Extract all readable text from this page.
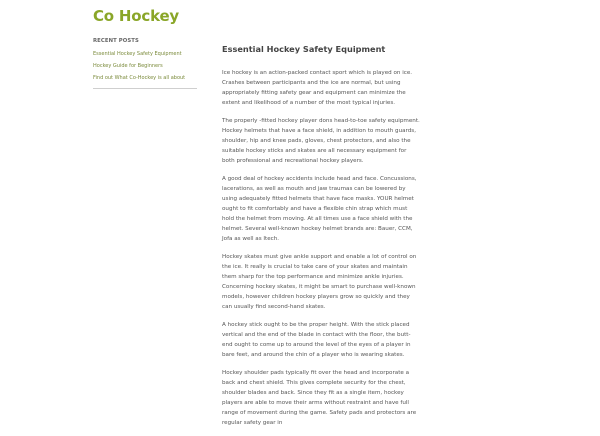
Co Hockey
RECENT POSTS
Essential Hockey Safety Equipment
Hockey Guide for Beginners
Find out What Co-Hockey is all about
Essential Hockey Safety Equipment

Ice hockey is an action-packed contact sport which is played on ice. Crashes between participants and the ice are normal, but using appropriately fitting safety gear and equipment can minimize the extent and likelihood of a number of the most typical injuries.

The properly -fitted hockey player dons head-to-toe safety equipment. Hockey helmets that have a face shield, in addition to mouth guards, shoulder, hip and knee pads, gloves, chest protectors, and also the suitable hockey sticks and skates are all necessary equipment for both professional and recreational hockey players.

A good deal of hockey accidents include head and face. Concussions, lacerations, as well as mouth and jaw traumas can be lowered by using adequately fitted helmets that have face masks. YOUR helmet ought to fit comfortably and have a flexible chin strap which must hold the helmet from moving. At all times use a face shield with the helmet. Several well-known hockey helmet brands are: Bauer, CCM, Jofa as well as Itech.

Hockey skates must give ankle support and enable a lot of control on the ice. It really is crucial to take care of your skates and maintain them sharp for the top performance and minimize ankle injuries. Concerning hockey skates, it might be smart to purchase well-known models, however children hockey players grow so quickly and they can usually find second-hand skates.

A hockey stick ought to be the proper height. With the stick placed vertical and the end of the blade in contact with the floor, the butt-end ought to come up to around the level of the eyes of a player in bare feet, and around the chin of a player who is wearing skates.

Hockey shoulder pads typically fit over the head and incorporate a back and chest shield. This gives complete security for the chest, shoulder blades and back. Since they fit as a single item, hockey players are able to move their arms without restraint and have full range of movement during the game. Safety pads and protectors are regular safety gear in
